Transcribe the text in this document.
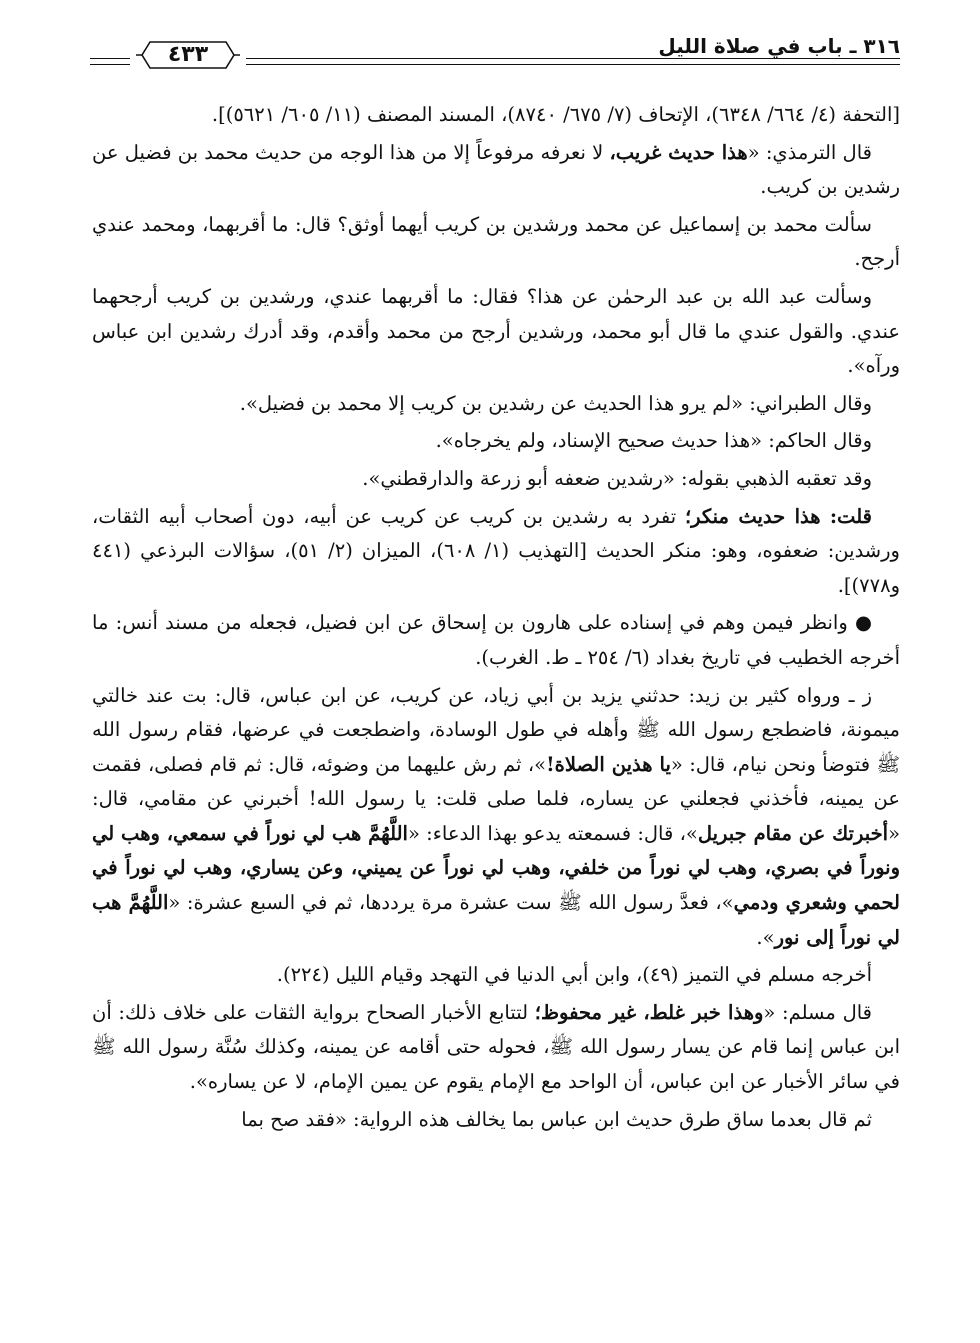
٤٣٣	٣١٦ ـ باب في صلاة الليل

[التحفة (٤/ ٦٦٤/ ٦٣٤٨)، الإتحاف (٧/ ٦٧٥/ ٨٧٤٠)، المسند المصنف (١١/ ٦٠٥/ ٥٦٢١)].

قال الترمذي: «هذا حديث غريب، لا نعرفه مرفوعاً إلا من هذا الوجه من حديث محمد بن فضيل عن رشدين بن كريب.

سألت محمد بن إسماعيل عن محمد ورشدين بن كريب أيهما أوثق؟ قال: ما أقربهما، ومحمد عندي أرجح.

وسألت عبد الله بن عبد الرحمٰن عن هذا؟ فقال: ما أقربهما عندي، ورشدين بن كريب أرجحهما عندي. والقول عندي ما قال أبو محمد، ورشدين أرجح من محمد وأقدم، وقد أدرك رشدين ابن عباس ورآه».

وقال الطبراني: «لم يرو هذا الحديث عن رشدين بن كريب إلا محمد بن فضيل».

وقال الحاكم: «هذا حديث صحيح الإسناد، ولم يخرجاه».

وقد تعقبه الذهبي بقوله: «رشدين ضعفه أبو زرعة والدارقطني».

قلت: هذا حديث منكر؛ تفرد به رشدين بن كريب عن كريب عن أبيه، دون أصحاب أبيه الثقات، ورشدين: ضعفوه، وهو: منكر الحديث [التهذيب (١/ ٦٠٨)، الميزان (٢/ ٥١)، سؤالات البرذعي (٤٤١ و٧٧٨)].

● وانظر فيمن وهم في إسناده على هارون بن إسحاق عن ابن فضيل، فجعله من مسند أنس: ما أخرجه الخطيب في تاريخ بغداد (٦/ ٢٥٤ ـ ط. الغرب).

ز ـ ورواه كثير بن زيد: حدثني يزيد بن أبي زياد، عن كريب، عن ابن عباس، قال: بت عند خالتي ميمونة، فاضطجع رسول الله ﷺ وأهله في طول الوسادة، واضطجعت في عرضها، فقام رسول الله ﷺ فتوضأ ونحن نيام، قال: «يا هذين الصلاة!»، ثم رش عليهما من وضوئه، قال: ثم قام فصلى، فقمت عن يمينه، فأخذني فجعلني عن يساره، فلما صلى قلت: يا رسول الله! أخبرني عن مقامي، قال: «أخبرتك عن مقام جبريل»، قال: فسمعته يدعو بهذا الدعاء: «اللَّهُمَّ هب لي نوراً في سمعي، وهب لي ونوراً في بصري، وهب لي نوراً من خلفي، وهب لي نوراً عن يميني، وعن يساري، وهب لي نوراً في لحمي وشعري ودمي»، فعدَّ رسول الله ﷺ ست عشرة مرة يرددها، ثم في السبع عشرة: «اللَّهُمَّ هب لي نوراً إلى نور».

أخرجه مسلم في التميز (٤٩)، وابن أبي الدنيا في التهجد وقيام الليل (٢٢٤).

قال مسلم: «وهذا خبر غلط، غير محفوظ؛ لتتابع الأخبار الصحاح برواية الثقات على خلاف ذلك: أن ابن عباس إنما قام عن يسار رسول الله ﷺ، فحوله حتى أقامه عن يمينه، وكذلك سُنَّة رسول الله ﷺ في سائر الأخبار عن ابن عباس، أن الواحد مع الإمام يقوم عن يمين الإمام، لا عن يساره».

ثم قال بعدما ساق طرق حديث ابن عباس بما يخالف هذه الرواية: «فقد صح بما
